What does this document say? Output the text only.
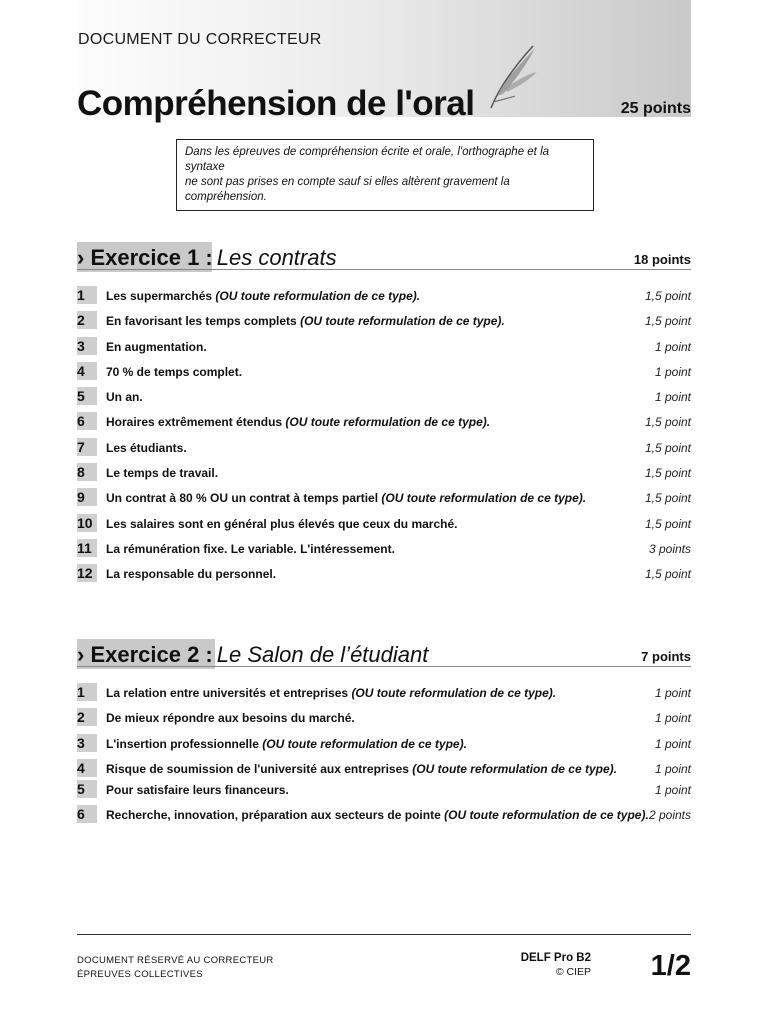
DOCUMENT DU CORRECTEUR
Compréhension de l'oral	25 points
Dans les épreuves de compréhension écrite et orale, l'orthographe et la syntaxe
ne sont pas prises en compte sauf si elles altèrent gravement la compréhension.
› Exercice 1 : Les contrats	18 points
1	Les supermarchés (OU toute reformulation de ce type).	1,5 point
2	En favorisant les temps complets (OU toute reformulation de ce type).	1,5 point
3	En augmentation.	1 point
4	70 % de temps complet.	1 point
5	Un an.	1 point
6	Horaires extrêmement étendus (OU toute reformulation de ce type).	1,5 point
7	Les étudiants.	1,5 point
8	Le temps de travail.	1,5 point
9	Un contrat à 80 % OU un contrat à temps partiel (OU toute reformulation de ce type).	1,5 point
10	Les salaires sont en général plus élevés que ceux du marché.	1,5 point
11	La rémunération fixe. Le variable. L'intéressement.	3 points
12	La responsable du personnel.	1,5 point
› Exercice 2 : Le Salon de l’étudiant	7 points
1	La relation entre universités et entreprises (OU toute reformulation de ce type).	1 point
2	De mieux répondre aux besoins du marché.	1 point
3	L'insertion professionnelle (OU toute reformulation de ce type).	1 point
4	Risque de soumission de l'université aux entreprises (OU toute reformulation de ce type).	1 point
5	Pour satisfaire leurs financeurs.	1 point
6	Recherche, innovation, préparation aux secteurs de pointe (OU toute reformulation de ce type). 2 points
DOCUMENT RÉSERVÉ AU CORRECTEUR
ÉPREUVES COLLECTIVES
DELF Pro B2
© CIEP 1/2
